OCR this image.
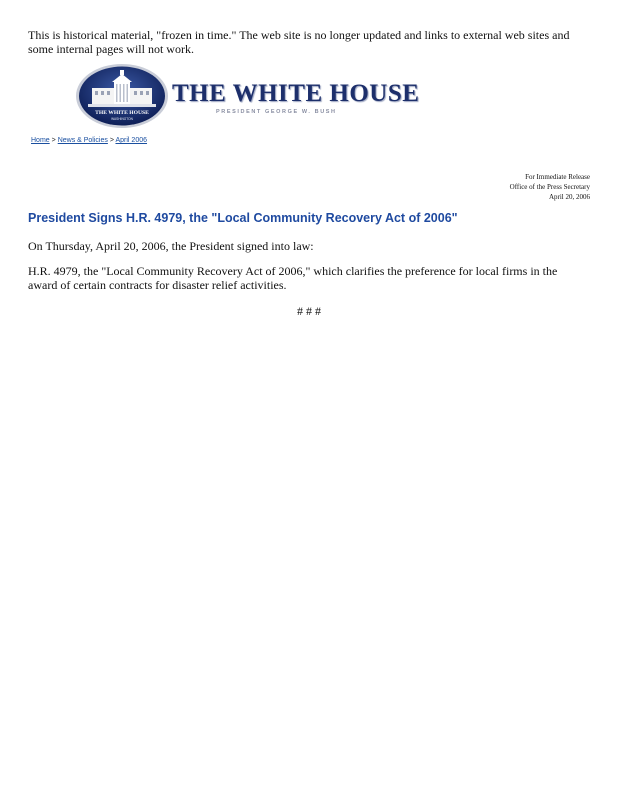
This is historical material, "frozen in time." The web site is no longer updated and links to external web sites and some internal pages will not work.
THE WHITE HOUSE
WASHINGTON
THE WHITE HOUSE
PRESIDENT GEORGE W. BUSH
Home > News & Policies > April 2006
For Immediate Release
Office of the Press Secretary
April 20, 2006
President Signs H.R. 4979, the "Local Community Recovery Act of 2006"
On Thursday, April 20, 2006, the President signed into law:
H.R. 4979, the "Local Community Recovery Act of 2006," which clarifies the preference for local firms in the award of certain contracts for disaster relief activities.
# # #
